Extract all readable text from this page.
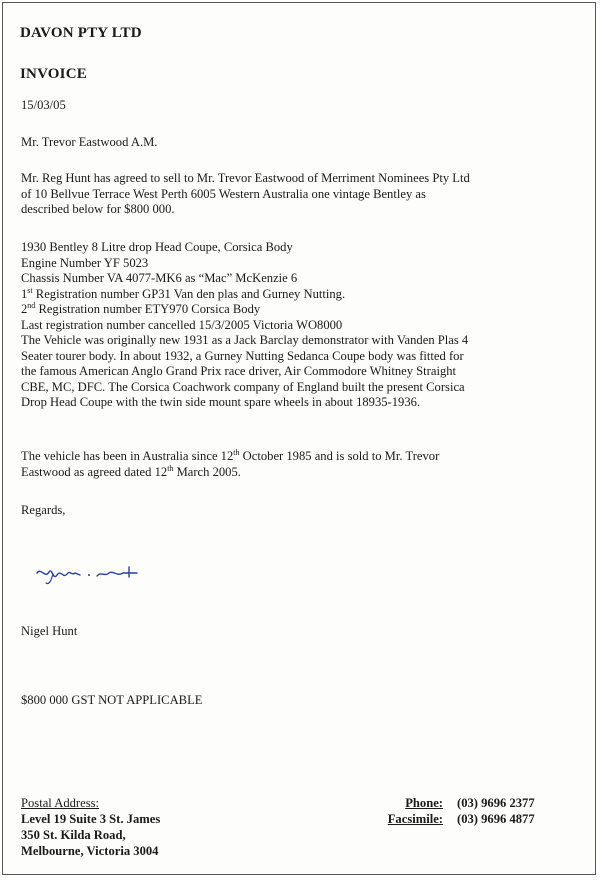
DAVON PTY LTD
INVOICE
15/03/05
Mr. Trevor Eastwood A.M.
Mr. Reg Hunt has agreed to sell to Mr. Trevor Eastwood of Merriment Nominees Pty Ltd
of 10 Bellvue Terrace West Perth 6005 Western Australia one vintage Bentley as
described below for $800 000.
1930 Bentley 8 Litre drop Head Coupe, Corsica Body
Engine Number YF 5023
Chassis Number VA 4077-MK6 as “Mac” McKenzie 6
1st Registration number GP31 Van den plas and Gurney Nutting.
2nd Registration number ETY970 Corsica Body
Last registration number cancelled 15/3/2005 Victoria WO8000
The Vehicle was originally new 1931 as a Jack Barclay demonstrator with Vanden Plas 4
Seater tourer body. In about 1932, a Gurney Nutting Sedanca Coupe body was fitted for
the famous American Anglo Grand Prix race driver, Air Commodore Whitney Straight
CBE, MC, DFC. The Corsica Coachwork company of England built the present Corsica
Drop Head Coupe with the twin side mount spare wheels in about 18935-1936.
The vehicle has been in Australia since 12th October 1985 and is sold to Mr. Trevor
Eastwood as agreed dated 12th March 2005.
Regards,
Nigel Hunt
$800 000 GST NOT APPLICABLE
Postal Address:
Level 19 Suite 3 St. James
350 St. Kilda Road,
Melbourne, Victoria 3004
Phone: (03) 9696 2377
Facsimile: (03) 9696 4877
